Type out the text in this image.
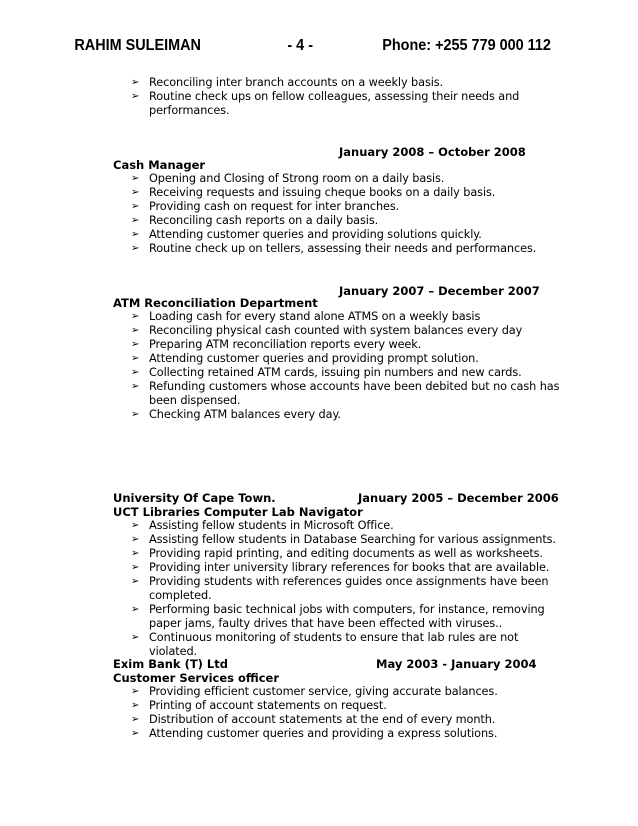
RAHIM SULEIMAN	- 4 -	Phone: +255 779 000 112
➢ Reconciling inter branch accounts on a weekly basis.
➢ Routine check ups on fellow colleagues, assessing their needs and performances.
January 2008 – October 2008
Cash Manager
➢ Opening and Closing of Strong room on a daily basis.
➢ Receiving requests and issuing cheque books on a daily basis.
➢ Providing cash on request for inter branches.
➢ Reconciling cash reports on a daily basis.
➢ Attending customer queries and providing solutions quickly.
➢ Routine check up on tellers, assessing their needs and performances.
January 2007 – December 2007
ATM Reconciliation Department
➢ Loading cash for every stand alone ATMS on a weekly basis
➢ Reconciling physical cash counted with system balances every day
➢ Preparing ATM reconciliation reports every week.
➢ Attending customer queries and providing prompt solution.
➢ Collecting retained ATM cards, issuing pin numbers and new cards.
➢ Refunding customers whose accounts have been debited but no cash has been dispensed.
➢ Checking ATM balances every day.
University Of Cape Town.	January 2005 – December 2006
UCT Libraries Computer Lab Navigator
➢ Assisting fellow students in Microsoft Office.
➢ Assisting fellow students in Database Searching for various assignments.
➢ Providing rapid printing, and editing documents as well as worksheets.
➢ Providing inter university library references for books that are available.
➢ Providing students with references guides once assignments have been completed.
➢ Performing basic technical jobs with computers, for instance, removing paper jams, faulty drives that have been effected with viruses..
➢ Continuous monitoring of students to ensure that lab rules are not violated.
Exim Bank (T) Ltd	May 2003 - January 2004
Customer Services officer
➢ Providing efficient customer service, giving accurate balances.
➢ Printing of account statements on request.
➢ Distribution of account statements at the end of every month.
➢ Attending customer queries and providing a express solutions.
